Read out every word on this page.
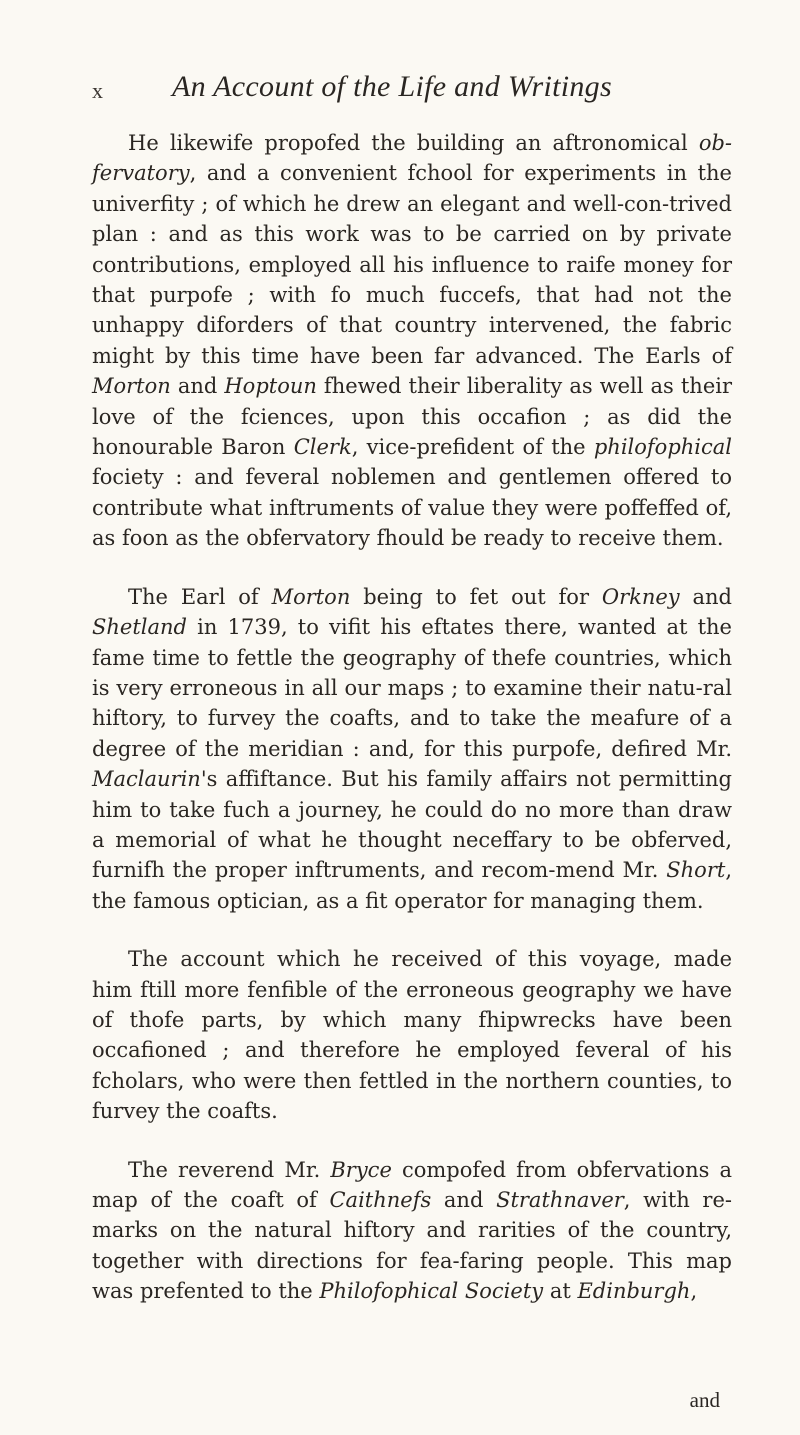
x An Account of the Life and Writings

He likewife propofed the building an aftronomical ob-fervatory, and a convenient fchool for experiments in the univerfity ; of which he drew an elegant and well-con-trived plan : and as this work was to be carried on by private contributions, employed all his influence to raife money for that purpofe ; with fo much fuccefs, that had not the unhappy diforders of that country intervened, the fabric might by this time have been far advanced. The Earls of Morton and Hoptoun fhewed their liberality as well as their love of the fciences, upon this occafion ; as did the honourable Baron Clerk, vice-prefident of the philofophical fociety : and feveral noblemen and gentlemen offered to contribute what inftruments of value they were poffeffed of, as foon as the obfervatory fhould be ready to receive them.

The Earl of Morton being to fet out for Orkney and Shetland in 1739, to vifit his eftates there, wanted at the fame time to fettle the geography of thefe countries, which is very erroneous in all our maps ; to examine their natu-ral hiftory, to furvey the coafts, and to take the meafure of a degree of the meridian : and, for this purpofe, defired Mr. Maclaurin's affiftance. But his family affairs not permitting him to take fuch a journey, he could do no more than draw a memorial of what he thought neceffary to be obferved, furnifh the proper inftruments, and recom-mend Mr. Short, the famous optician, as a fit operator for managing them.

The account which he received of this voyage, made him ftill more fenfible of the erroneous geography we have of thofe parts, by which many fhipwrecks have been occafioned ; and therefore he employed feveral of his fcholars, who were then fettled in the northern counties, to furvey the coafts.

The reverend Mr. Bryce compofed from obfervations a map of the coaft of Caithnefs and Strathnaver, with re-marks on the natural hiftory and rarities of the country, together with directions for fea-faring people. This map was prefented to the Philofophical Society at Edinburgh,

and
